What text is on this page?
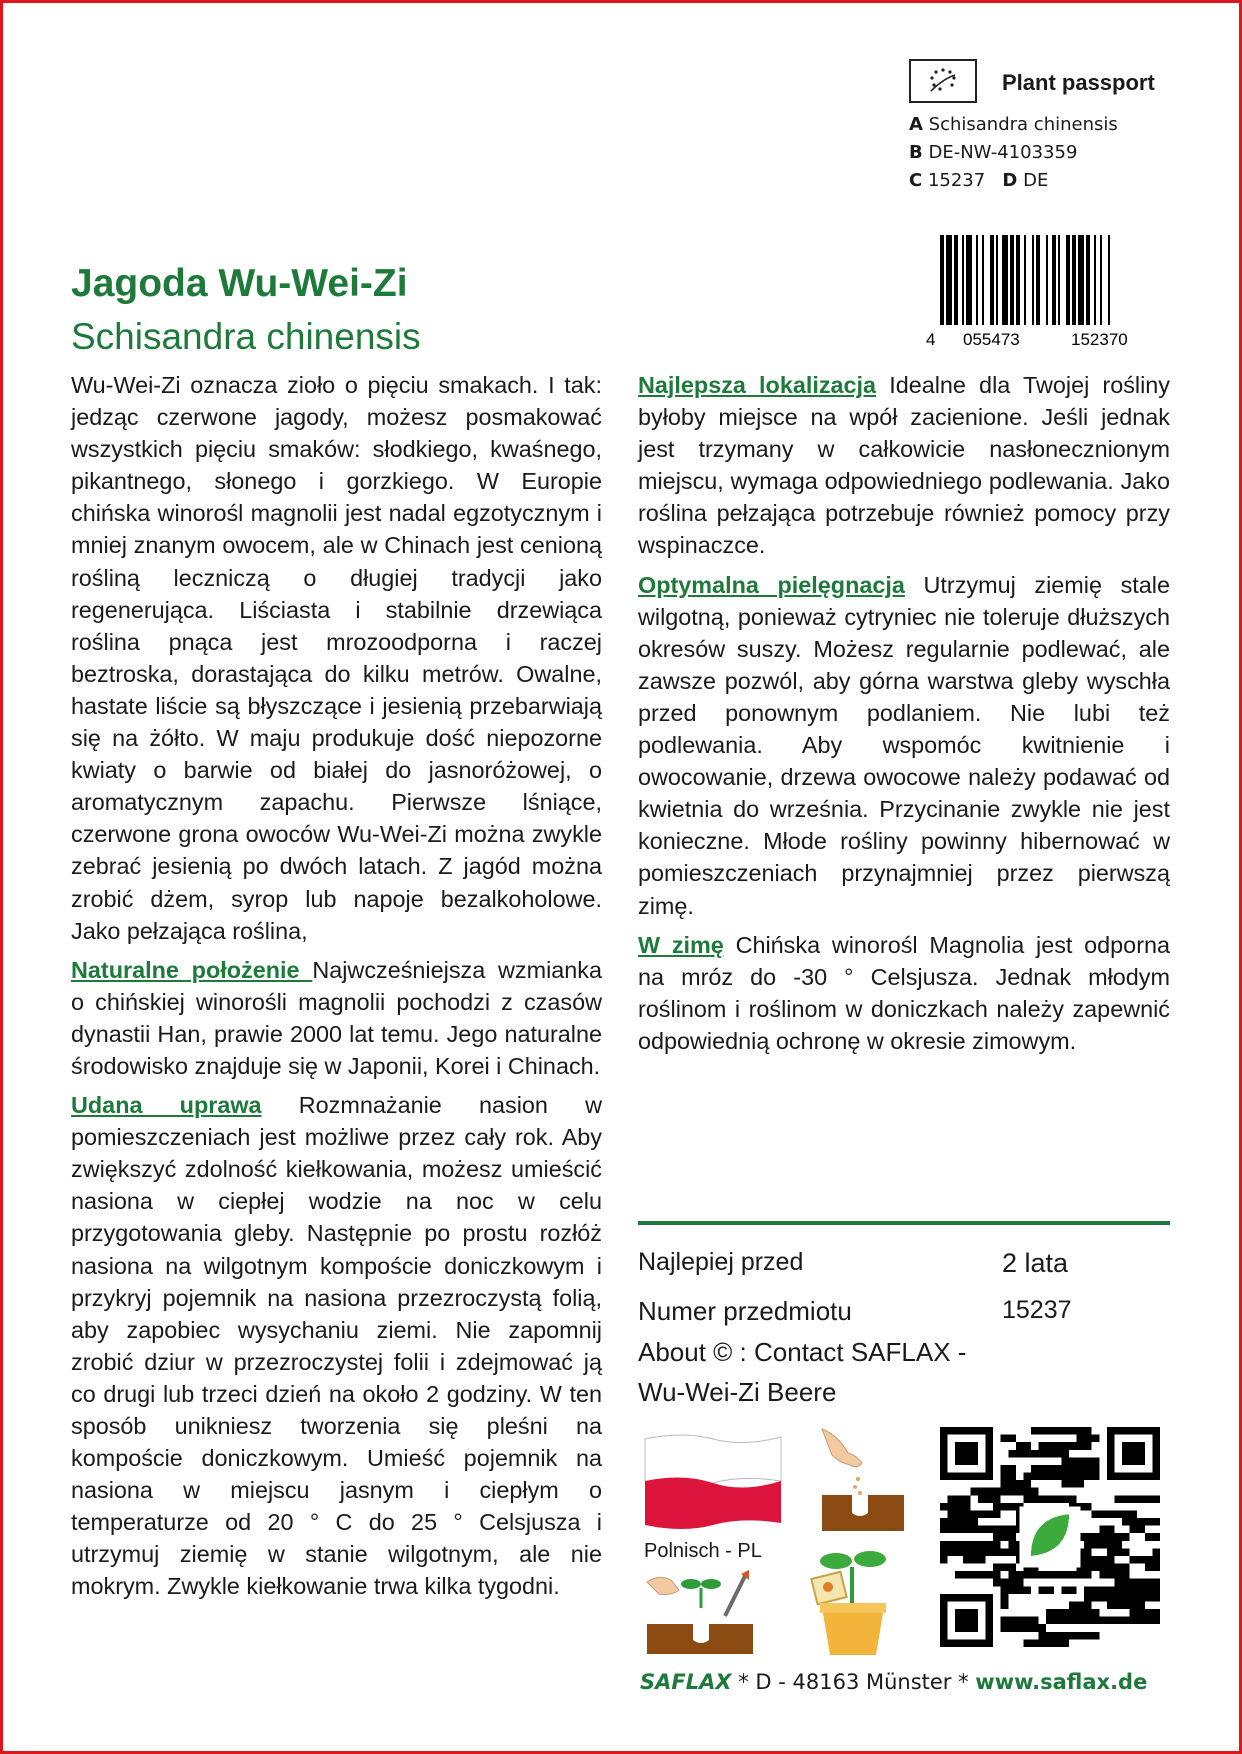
Plant passport
A Schisandra chinensis
B DE-NW-4103359
C 15237 D DE
4 055473	152370
Jagoda Wu-Wei-Zi
Schisandra chinensis

Wu-Wei-Zi oznacza zioło o pięciu smakach. I tak: jedząc czerwone jagody, możesz posmakować wszystkich pięciu smaków: słodkiego, kwaśnego, pikantnego, słonego i gorzkiego. W Europie chińska winorośl magnolii jest nadal egzotycznym i mniej znanym owocem, ale w Chinach jest cenioną rośliną leczniczą o długiej tradycji jako regenerująca. Liściasta i stabilnie drzewiąca roślina pnąca jest mrozoodporna i raczej beztroska, dorastająca do kilku metrów. Owalne, hastate liście są błyszczące i jesienią przebarwiają się na żółto. W maju produkuje dość niepozorne kwiaty o barwie od białej do jasnoróżowej, o aromatycznym zapachu. Pierwsze lśniące, czerwone grona owoców Wu-Wei-Zi można zwykle zebrać jesienią po dwóch latach. Z jagód można zrobić dżem, syrop lub napoje bezalkoholowe. Jako pełzająca roślina,

Naturalne położenie Najwcześniejsza wzmianka o chińskiej winorośli magnolii pochodzi z czasów dynastii Han, prawie 2000 lat temu. Jego naturalne środowisko znajduje się w Japonii, Korei i Chinach.

Udana uprawa Rozmnażanie nasion w pomieszczeniach jest możliwe przez cały rok. Aby zwiększyć zdolność kiełkowania, możesz umieścić nasiona w ciepłej wodzie na noc w celu przygotowania gleby. Następnie po prostu rozłóż nasiona na wilgotnym kompoście doniczkowym i przykryj pojemnik na nasiona przezroczystą folią, aby zapobiec wysychaniu ziemi. Nie zapomnij zrobić dziur w przezroczystej folii i zdejmować ją co drugi lub trzeci dzień na około 2 godziny. W ten sposób unikniesz tworzenia się pleśni na kompoście doniczkowym. Umieść pojemnik na nasiona w miejscu jasnym i ciepłym o temperaturze od 20 ° C do 25 ° Celsjusza i utrzymuj ziemię w stanie wilgotnym, ale nie mokrym. Zwykle kiełkowanie trwa kilka tygodni.

Najlepsza lokalizacja Idealne dla Twojej rośliny byłoby miejsce na wpół zacienione. Jeśli jednak jest trzymany w całkowicie nasłonecznionym miejscu, wymaga odpowiedniego podlewania. Jako roślina pełzająca potrzebuje również pomocy przy wspinaczce.

Optymalna pielęgnacja Utrzymuj ziemię stale wilgotną, ponieważ cytryniec nie toleruje dłuższych okresów suszy. Możesz regularnie podlewać, ale zawsze pozwól, aby górna warstwa gleby wyschła przed ponownym podlaniem. Nie lubi też podlewania. Aby wspomóc kwitnienie i owocowanie, drzewa owocowe należy podawać od kwietnia do września. Przycinanie zwykle nie jest konieczne. Młode rośliny powinny hibernować w pomieszczeniach przynajmniej przez pierwszą zimę.

W zimę Chińska winorośl Magnolia jest odporna na mróz do -30 ° Celsjusza. Jednak młodym roślinom i roślinom w doniczkach należy zapewnić odpowiednią ochronę w okresie zimowym.

Najlepiej przed	2 lata
Numer przedmiotu	15237
About © : Contact SAFLAX -
Wu-Wei-Zi Beere
Polnisch - PL
SAFLAX * D - 48163 Münster * www.saflax.de
